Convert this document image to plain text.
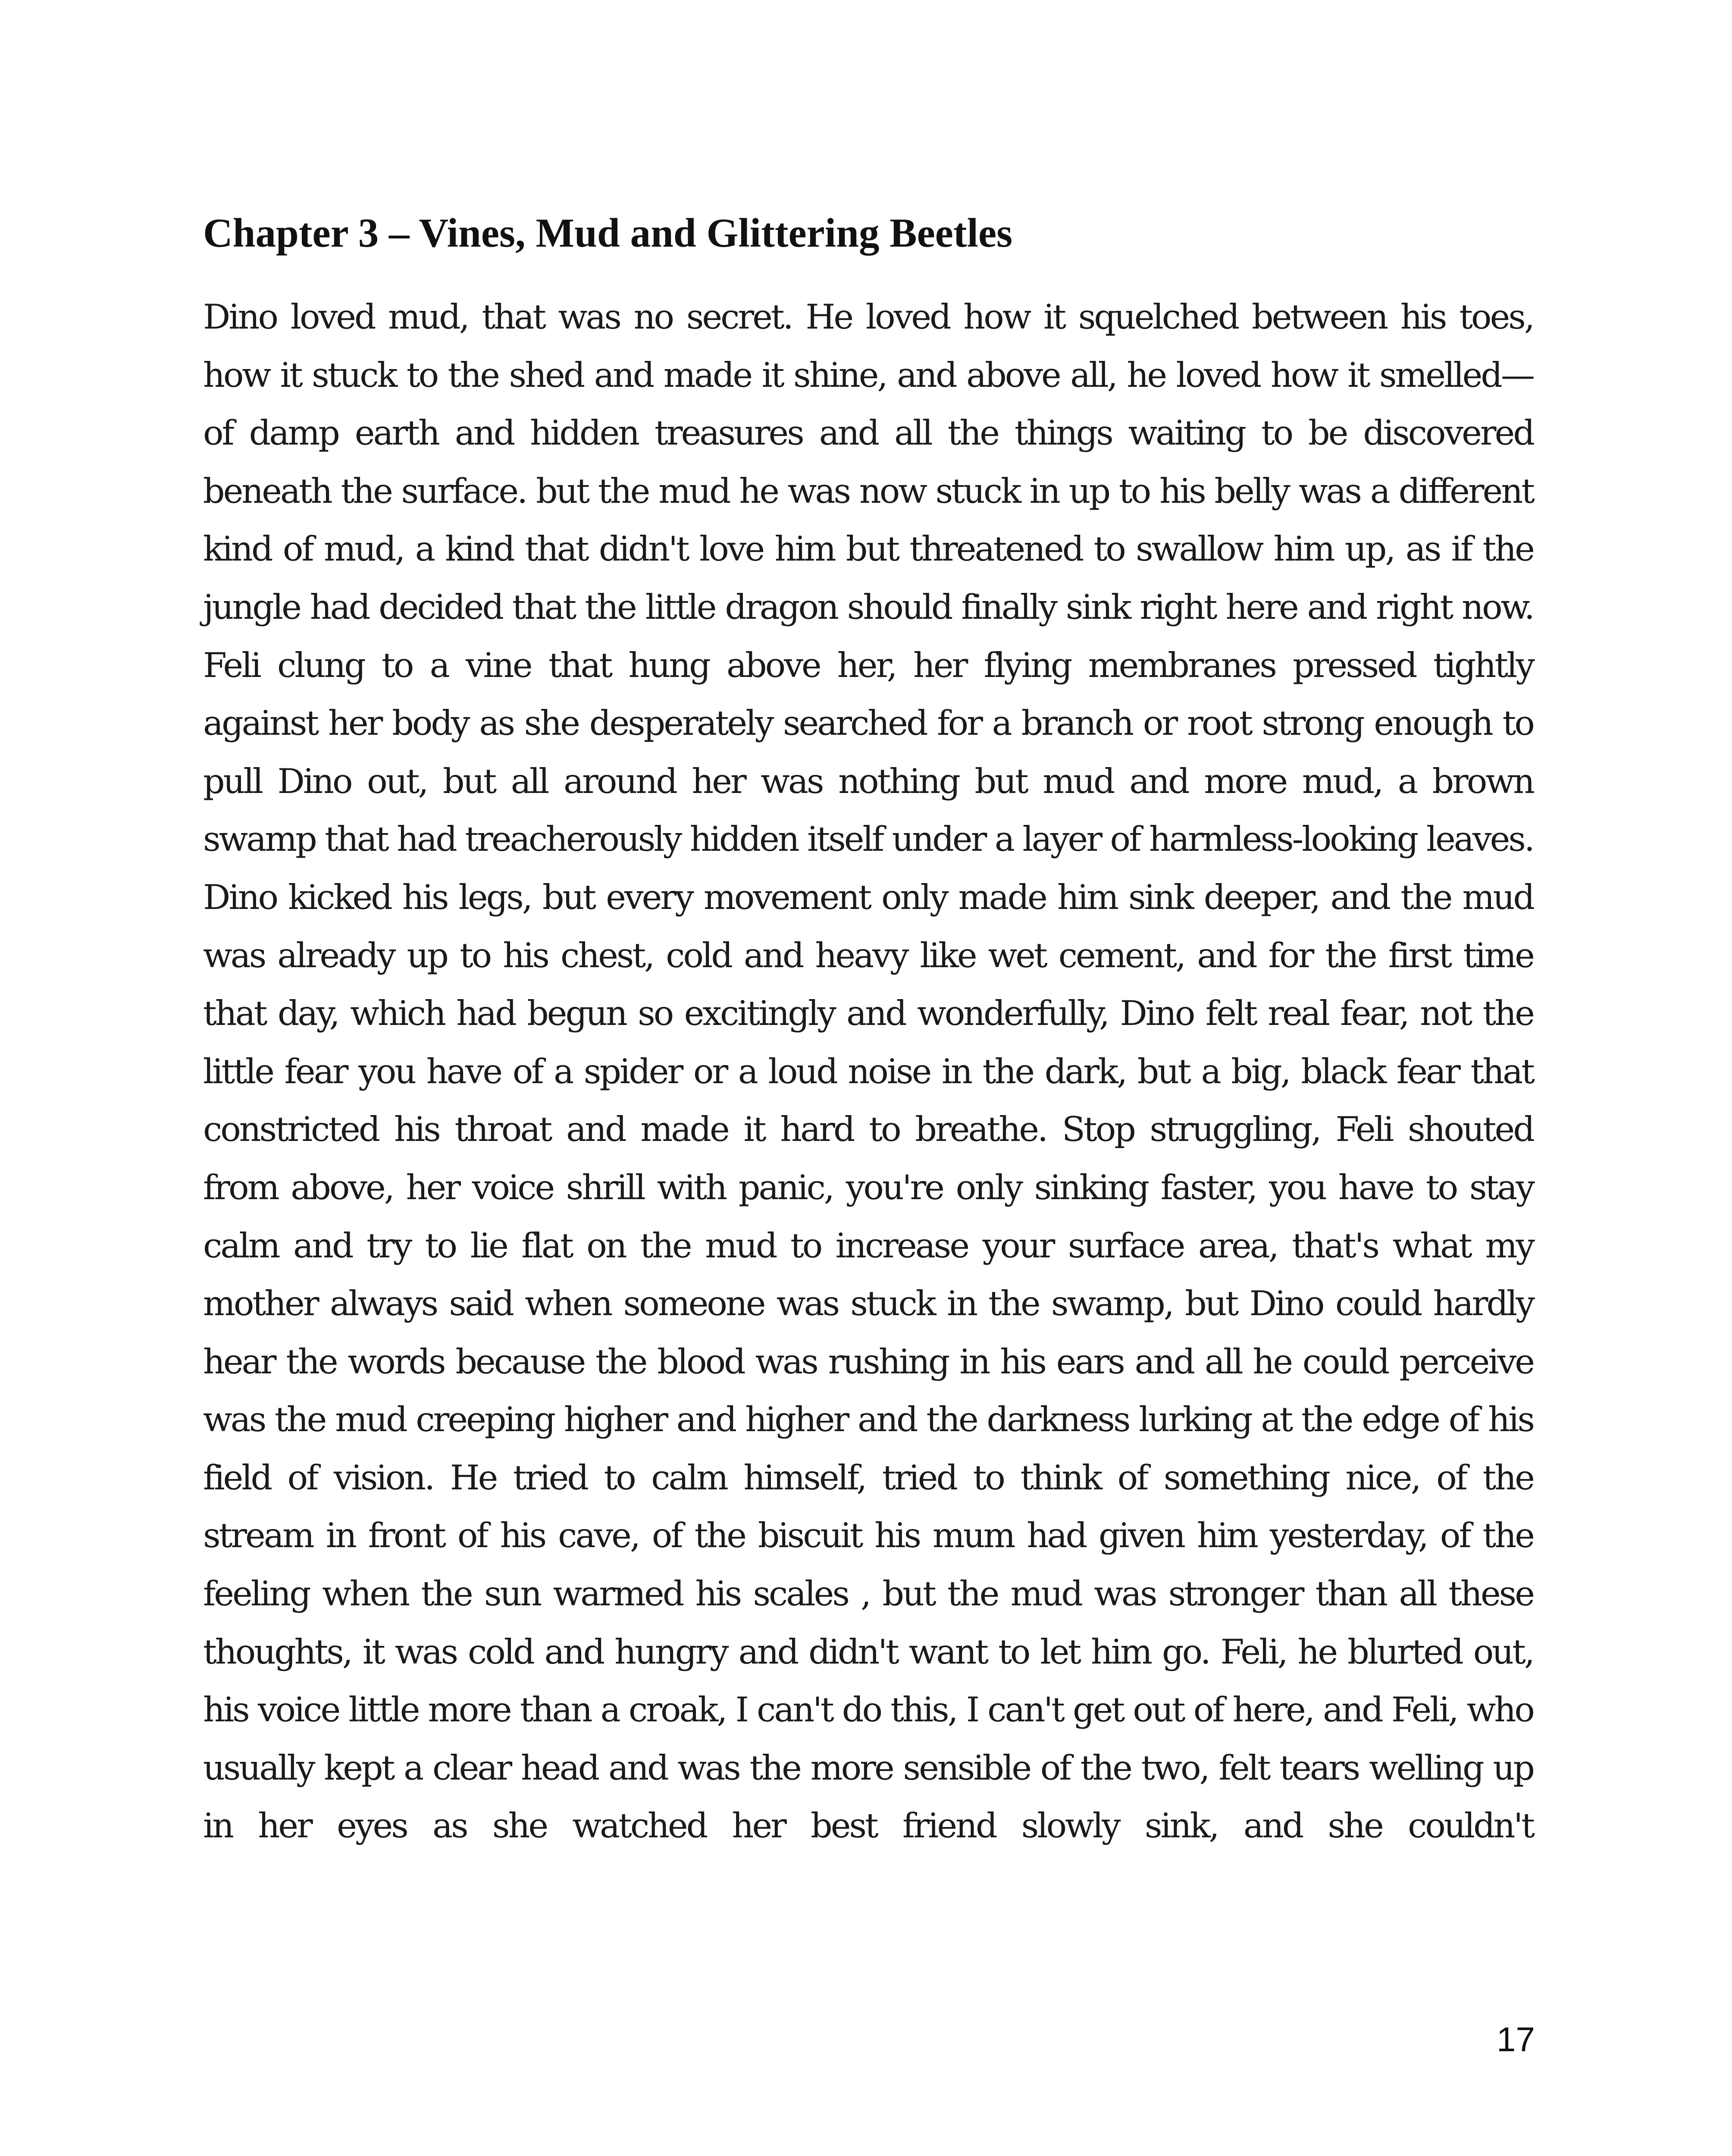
Chapter 3 – Vines, Mud and Glittering Beetles

Dino loved mud, that was no secret. He loved how it squelched between his toes, how it stuck to the shed and made it shine, and above all, he loved how it smelled—of damp earth and hidden treasures and all the things waiting to be discovered beneath the surface. but the mud he was now stuck in up to his belly was a different kind of mud, a kind that didn't love him but threatened to swallow him up, as if the jungle had decided that the little dragon should finally sink right here and right now. Feli clung to a vine that hung above her, her flying membranes pressed tightly against her body as she desperately searched for a branch or root strong enough to pull Dino out, but all around her was nothing but mud and more mud, a brown swamp that had treacherously hidden itself under a layer of harmless-looking leaves. Dino kicked his legs, but every movement only made him sink deeper, and the mud was already up to his chest, cold and heavy like wet cement, and for the first time that day, which had begun so excitingly and wonderfully, Dino felt real fear, not the little fear you have of a spider or a loud noise in the dark, but a big, black fear that constricted his throat and made it hard to breathe. Stop struggling, Feli shouted from above, her voice shrill with panic, you're only sinking faster, you have to stay calm and try to lie flat on the mud to increase your surface area, that's what my mother always said when someone was stuck in the swamp, but Dino could hardly hear the words because the blood was rushing in his ears and all he could perceive was the mud creeping higher and higher and the darkness lurking at the edge of his field of vision. He tried to calm himself, tried to think of something nice, of the stream in front of his cave, of the biscuit his mum had given him yesterday, of the feeling when the sun warmed his scales , but the mud was stronger than all these thoughts, it was cold and hungry and didn't want to let him go. Feli, he blurted out, his voice little more than a croak, I can't do this, I can't get out of here, and Feli, who usually kept a clear head and was the more sensible of the two, felt tears welling up in her eyes as she watched her best friend slowly sink, and she couldn't

17
